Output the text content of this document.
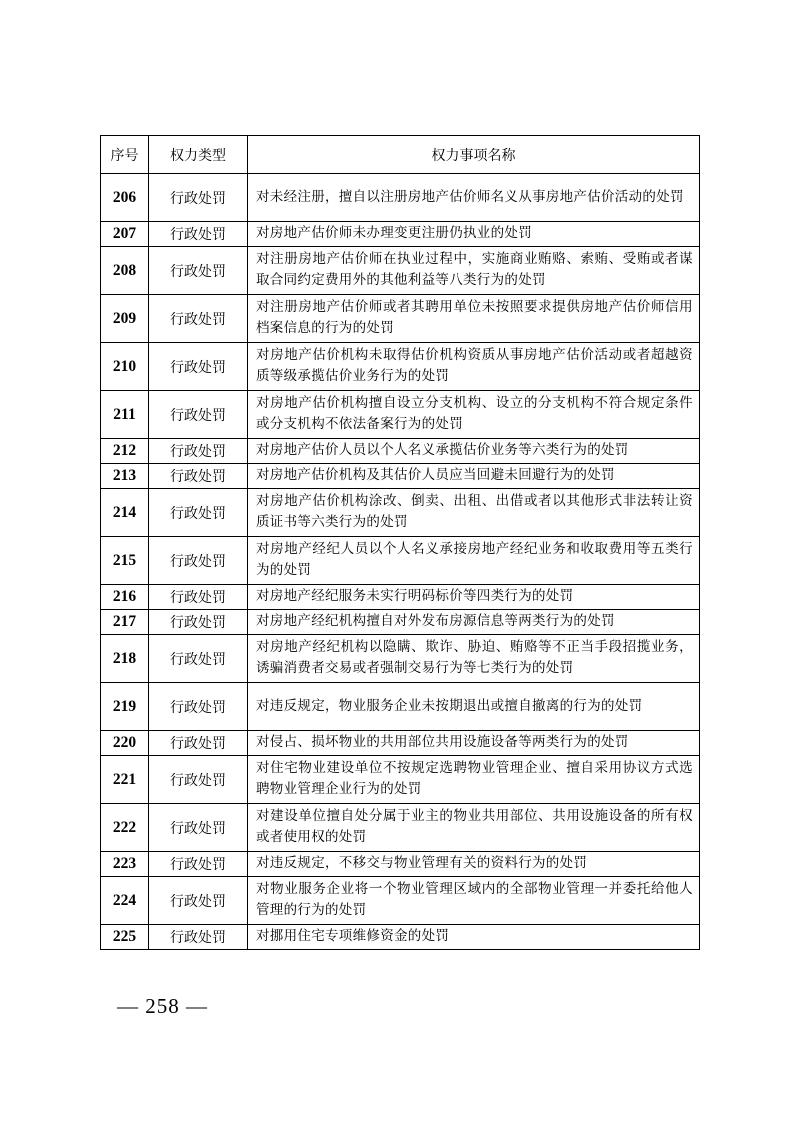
序号	权力类型	权力事项名称
206	行政处罚	对未经注册，擅自以注册房地产估价师名义从事房地产估价活动的处罚
207	行政处罚	对房地产估价师未办理变更注册仍执业的处罚
208	行政处罚	对注册房地产估价师在执业过程中，实施商业贿赂、索贿、受贿或者谋取合同约定费用外的其他利益等八类行为的处罚
209	行政处罚	对注册房地产估价师或者其聘用单位未按照要求提供房地产估价师信用档案信息的行为的处罚
210	行政处罚	对房地产估价机构未取得估价机构资质从事房地产估价活动或者超越资质等级承揽估价业务行为的处罚
211	行政处罚	对房地产估价机构擅自设立分支机构、设立的分支机构不符合规定条件或分支机构不依法备案行为的处罚
212	行政处罚	对房地产估价人员以个人名义承揽估价业务等六类行为的处罚
213	行政处罚	对房地产估价机构及其估价人员应当回避未回避行为的处罚
214	行政处罚	对房地产估价机构涂改、倒卖、出租、出借或者以其他形式非法转让资质证书等六类行为的处罚
215	行政处罚	对房地产经纪人员以个人名义承接房地产经纪业务和收取费用等五类行为的处罚
216	行政处罚	对房地产经纪服务未实行明码标价等四类行为的处罚
217	行政处罚	对房地产经纪机构擅自对外发布房源信息等两类行为的处罚
218	行政处罚	对房地产经纪机构以隐瞒、欺诈、胁迫、贿赂等不正当手段招揽业务，诱骗消费者交易或者强制交易行为等七类行为的处罚
219	行政处罚	对违反规定，物业服务企业未按期退出或擅自撤离的行为的处罚
220	行政处罚	对侵占、损坏物业的共用部位共用设施设备等两类行为的处罚
221	行政处罚	对住宅物业建设单位不按规定选聘物业管理企业、擅自采用协议方式选聘物业管理企业行为的处罚
222	行政处罚	对建设单位擅自处分属于业主的物业共用部位、共用设施设备的所有权或者使用权的处罚
223	行政处罚	对违反规定，不移交与物业管理有关的资料行为的处罚
224	行政处罚	对物业服务企业将一个物业管理区域内的全部物业管理一并委托给他人管理的行为的处罚
225	行政处罚	对挪用住宅专项维修资金的处罚
— 258 —
